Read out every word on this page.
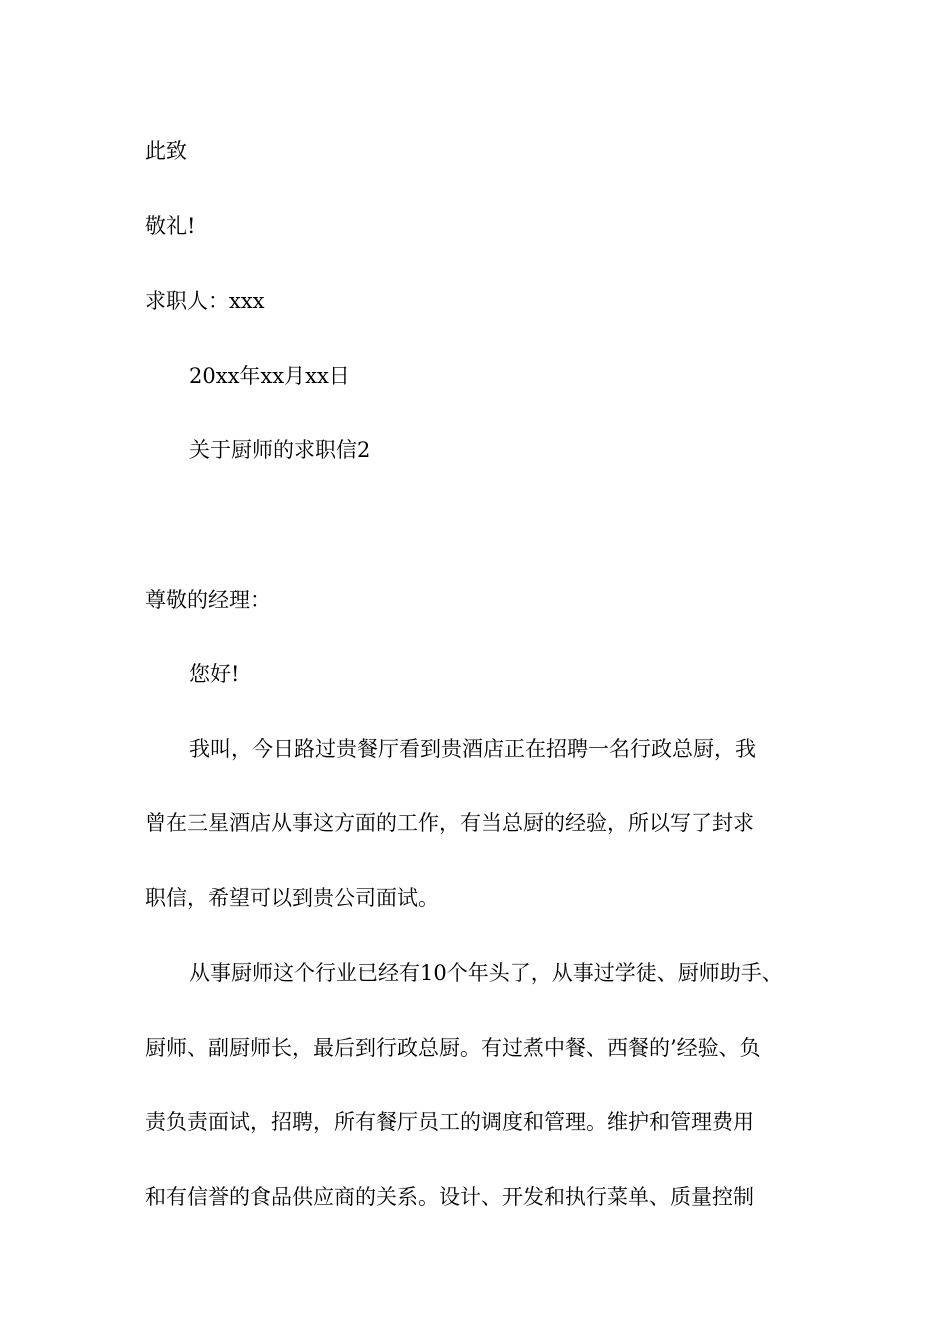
此致
敬礼!
求职人：xxx
20xx年xx月xx日
关于厨师的求职信2
尊敬的经理：
您好!
我叫，今日路过贵餐厅看到贵酒店正在招聘一名行政总厨，我
曾在三星酒店从事这方面的工作，有当总厨的经验，所以写了封求
职信，希望可以到贵公司面试。
从事厨师这个行业已经有10个年头了，从事过学徒、厨师助手、
厨师、副厨师长，最后到行政总厨。有过煮中餐、西餐的’经验、负
责负责面试，招聘，所有餐厅员工的调度和管理。维护和管理费用
和有信誉的食品供应商的关系。设计、开发和执行菜单、质量控制
